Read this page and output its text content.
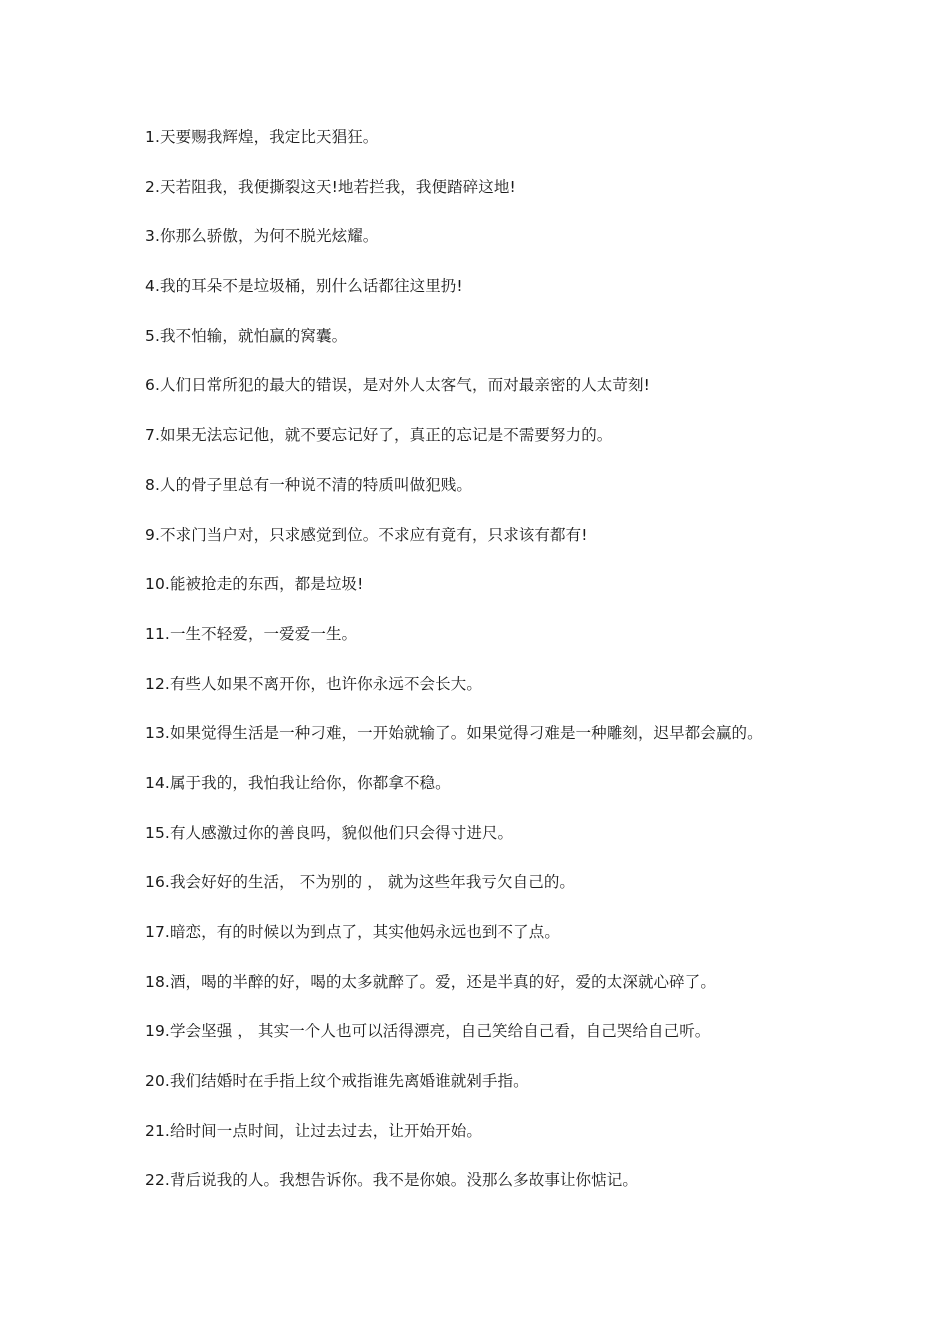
1.天要赐我辉煌，我定比天猖狂。
2.天若阻我，我便撕裂这天!地若拦我，我便踏碎这地!
3.你那么骄傲，为何不脱光炫耀。
4.我的耳朵不是垃圾桶，别什么话都往这里扔!
5.我不怕输，就怕赢的窝囊。
6.人们日常所犯的最大的错误，是对外人太客气，而对最亲密的人太苛刻!
7.如果无法忘记他，就不要忘记好了，真正的忘记是不需要努力的。
8.人的骨子里总有一种说不清的特质叫做犯贱。
9.不求门当户对，只求感觉到位。不求应有竟有，只求该有都有!
10.能被抢走的东西，都是垃圾!
11.一生不轻爱，一爱爱一生。
12.有些人如果不离开你，也许你永远不会长大。
13.如果觉得生活是一种刁难，一开始就输了。如果觉得刁难是一种雕刻，迟早都会赢的。
14.属于我的，我怕我让给你，你都拿不稳。
15.有人感激过你的善良吗，貌似他们只会得寸进尺。
16.我会好好的生活， 不为别的 ， 就为这些年我亏欠自己的。
17.暗恋，有的时候以为到点了，其实他妈永远也到不了点。
18.酒，喝的半醉的好，喝的太多就醉了。爱，还是半真的好，爱的太深就心碎了。
19.学会坚强 ， 其实一个人也可以活得漂亮，自己笑给自己看，自己哭给自己听。
20.我们结婚时在手指上纹个戒指谁先离婚谁就剁手指。
21.给时间一点时间，让过去过去，让开始开始。
22.背后说我的人。我想告诉你。我不是你娘。没那么多故事让你惦记。
